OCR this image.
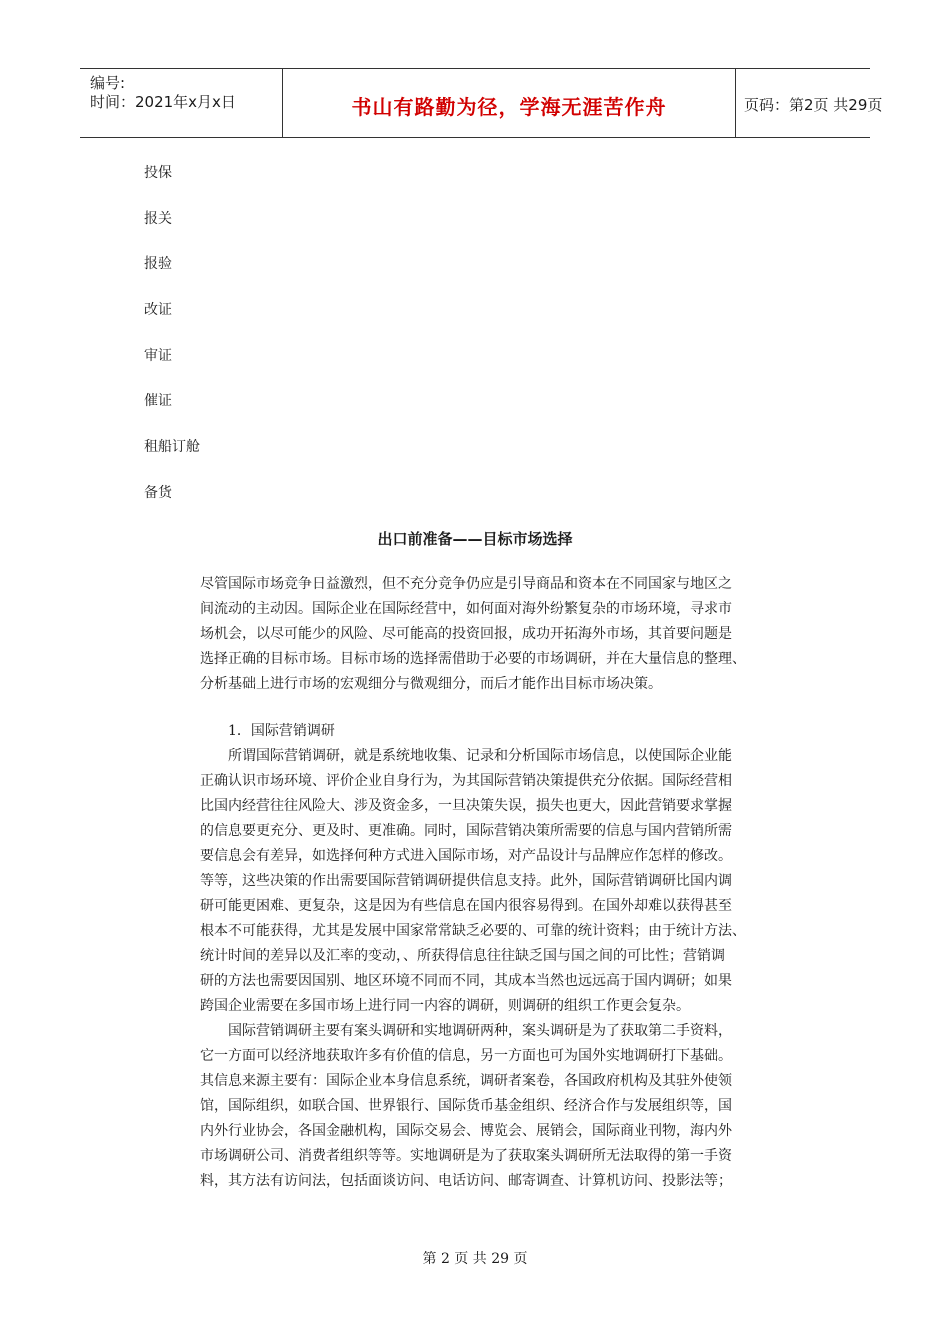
编号:
时间：2021年x月x日	书山有路勤为径，学海无涯苦作舟	页码：第2页 共29页
投保
报关
报验
改证
审证
催证
租船订舱
备货
出口前准备——目标市场选择
尽管国际市场竞争日益激烈，但不充分竞争仍应是引导商品和资本在不同国家与地区之
间流动的主动因。国际企业在国际经营中，如何面对海外纷繁复杂的市场环境，寻求市
场机会，以尽可能少的风险、尽可能高的投资回报，成功开拓海外市场，其首要问题是
选择正确的目标市场。目标市场的选择需借助于必要的市场调研，并在大量信息的整理、
分析基础上进行市场的宏观细分与微观细分，而后才能作出目标市场决策。
1．国际营销调研
所谓国际营销调研，就是系统地收集、记录和分析国际市场信息，以使国际企业能
正确认识市场环境、评价企业自身行为，为其国际营销决策提供充分依据。国际经营相
比国内经营往往风险大、涉及资金多，一旦决策失误，损失也更大，因此营销要求掌握
的信息要更充分、更及时、更准确。同时，国际营销决策所需要的信息与国内营销所需
要信息会有差异，如选择何种方式进入国际市场，对产品设计与品牌应作怎样的修改。
等等，这些决策的作出需要国际营销调研提供信息支持。此外，国际营销调研比国内调
研可能更困难、更复杂，这是因为有些信息在国内很容易得到。在国外却难以获得甚至
根本不可能获得，尤其是发展中国家常常缺乏必要的、可靠的统计资料；由于统计方法、
统计时间的差异以及汇率的变动，、所获得信息往往缺乏国与国之间的可比性；营销调
研的方法也需要因国别、地区环境不同而不同，其成本当然也远远高于国内调研；如果
跨国企业需要在多国市场上进行同一内容的调研，则调研的组织工作更会复杂。
国际营销调研主要有案头调研和实地调研两种，案头调研是为了获取第二手资料，
它一方面可以经济地获取许多有价值的信息，另一方面也可为国外实地调研打下基础。
其信息来源主要有：国际企业本身信息系统，调研者案卷，各国政府机构及其驻外使领
馆，国际组织，如联合国、世界银行、国际货币基金组织、经济合作与发展组织等，国
内外行业协会，各国金融机构，国际交易会、博览会、展销会，国际商业刊物，海内外
市场调研公司、消费者组织等等。实地调研是为了获取案头调研所无法取得的第一手资
料，其方法有访问法，包括面谈访问、电话访问、邮寄调查、计算机访问、投影法等；
第 2 页 共 29 页
